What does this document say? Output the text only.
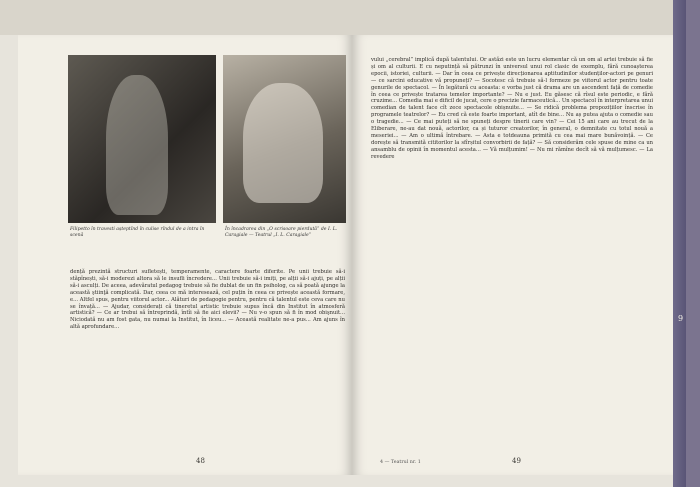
Filipetto în travesti așteptînd în culise rîndul de a intra în scenă
În încadrarea din „O scrisoare pierdută” de I. L. Caragiale — Teatrul „I. L. Caragiale”
dență prezintă structuri sufletești, temperamente, caractere foarte diferite. Pe unii trebuie să-i stăpînești, să-i moderezi altora să le insufli încredere... Unii trebuie să-i imiți, pe alții să-i ajuți, pe alții să-i asculți. De aceea, adevăratul pedagog trebuie să fie dublat de un fin psiholog, ca să poată ajunge la această ştiinţă complicată. Dar, ceea ce mă interesează, cel puțin în ceea ce privește această formare, e... Altfel spus, pentru viitorul actor... Alături de pedagogie pentru, pentru că talentul este ceva care nu se învață... — Ajudar, considerați că tineretul artistic trebuie supus încă din Institut în atmosferă artistică? — Ce ar trebui să întreprindă, întîi să fie aici elevii? — Nu v-o spun să fi în mod obişnuit... Niciodată nu am fost gata, nu numai la Institut, în liceu... — Această realitate ne-a pus... Am ajuns în altă aprofundare...
48
vului „cerebral” implică după talentului. Or astăzi este un lucru elementar că un om al artei trebuie să fie și om al culturii. E cu neputință să pătrunzi în universul unui rol clasic de exemplu, fără cunoașterea epocii, istoriei, culturii. — Dar în ceea ce privește direcționarea aptitudinilor studenților-actori pe genuri — ce sarcini educative vă propuneți? — Socotesc că trebuie să-l formeze pe viitorul actor pentru toate genurile de spectacol. — În legătură cu aceasta: e vorba just că drama are un ascendent față de comedie în ceea ce privește tratarea temelor importante? — Nu e just. Eu găsesc că rîsul este periodic, e fără cruzime... Comedia mai e dificil de jucat, cere o precizie farmaceutică... Un spectacol în interpretarea unui comedian de talent face cît zece spectacole obișnuite... — Se ridică problema propozițiilor înscrise în programele teatrelor? — Eu cred că este foarte important, atît de bine... Nu aș putea ajuta o comedie sau o tragedie... — Ce mai puteți să ne spuneți despre tinerii care vin? — Cei 15 ani care au trecut de la Eliberare, ne-au dat nouă, actorilor, ca și tuturor creatorilor, în general, o demnitate cu totul nouă a meseriei... — Am o ultimă întrebare. — Asta e totdeauna primită cu cea mai mare bunăvoință. — Ce dorește să transmită cititorilor la sfîrșitul convorbirii de față? — Să considerăm cele spuse de mine ca un ansamblu de opinii în momentul acesta... — Vă mulțumim! — Nu mi rămîne decît să vă mulțumesc. — La revedere
4 — Teatrul nr. 1	49
9
